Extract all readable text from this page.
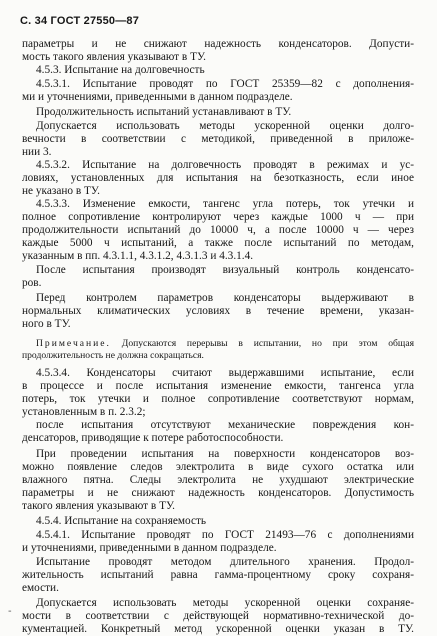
С. 34 ГОСТ 27550—87
параметры и не снижают надежность конденсаторов. Допусти-
мость такого явления указывают в ТУ.
4.5.3. Испытание на долговечность
4.5.3.1. Испытание проводят по ГОСТ 25359—82 с дополнения-
ми и уточнениями, приведенными в данном подразделе.
Продолжительность испытаний устанавливают в ТУ.
Допускается использовать методы ускоренной оценки долго-
вечности в соответствии с методикой, приведенной в приложе-
нии 3.
4.5.3.2. Испытание на долговечность проводят в режимах и ус-
ловиях, установленных для испытания на безотказность, если иное
не указано в ТУ.
4.5.3.3. Изменение емкости, тангенс угла потерь, ток утечки и
полное сопротивление контролируют через каждые 1000 ч — при
продолжительности испытаний до 10000 ч, а после 10000 ч — через
каждые 5000 ч испытаний, а также после испытаний по методам,
указанным в пп. 4.3.1.1, 4.3.1.2, 4.3.1.3 и 4.3.1.4.
После испытания производят визуальный контроль конденсато-
ров.
Перед контролем параметров конденсаторы выдерживают в
нормальных климатических условиях в течение времени, указан-
ного в ТУ.
Примечание. Допускаются перерывы в испытании, но при этом общая
продолжительность не должна сокращаться.
4.5.3.4. Конденсаторы считают выдержавшими испытание, если
в процессе и после испытания изменение емкости, тангенса угла
потерь, ток утечки и полное сопротивление соответствуют нормам,
установленным в п. 2.3.2;
после испытания отсутствуют механические повреждения кон-
денсаторов, приводящие к потере работоспособности.
При проведении испытания на поверхности конденсаторов воз-
можно появление следов электролита в виде сухого остатка или
влажного пятна. Следы электролита не ухудшают электрические
параметры и не снижают надежность конденсаторов. Допустимость
такого явления указывают в ТУ.
4.5.4. Испытание на сохраняемость
4.5.4.1. Испытание проводят по ГОСТ 21493—76 с дополнениями
и уточнениями, приведенными в данном подразделе.
Испытание проводят методом длительного хранения. Продол-
жительность испытаний равна гамма-процентному сроку сохраня-
емости.
Допускается использовать методы ускоренной оценки сохраняе-
мости в соответствии с действующей нормативно-технической до-
кументацией. Конкретный метод ускоренной оценки указан в ТУ.
-
